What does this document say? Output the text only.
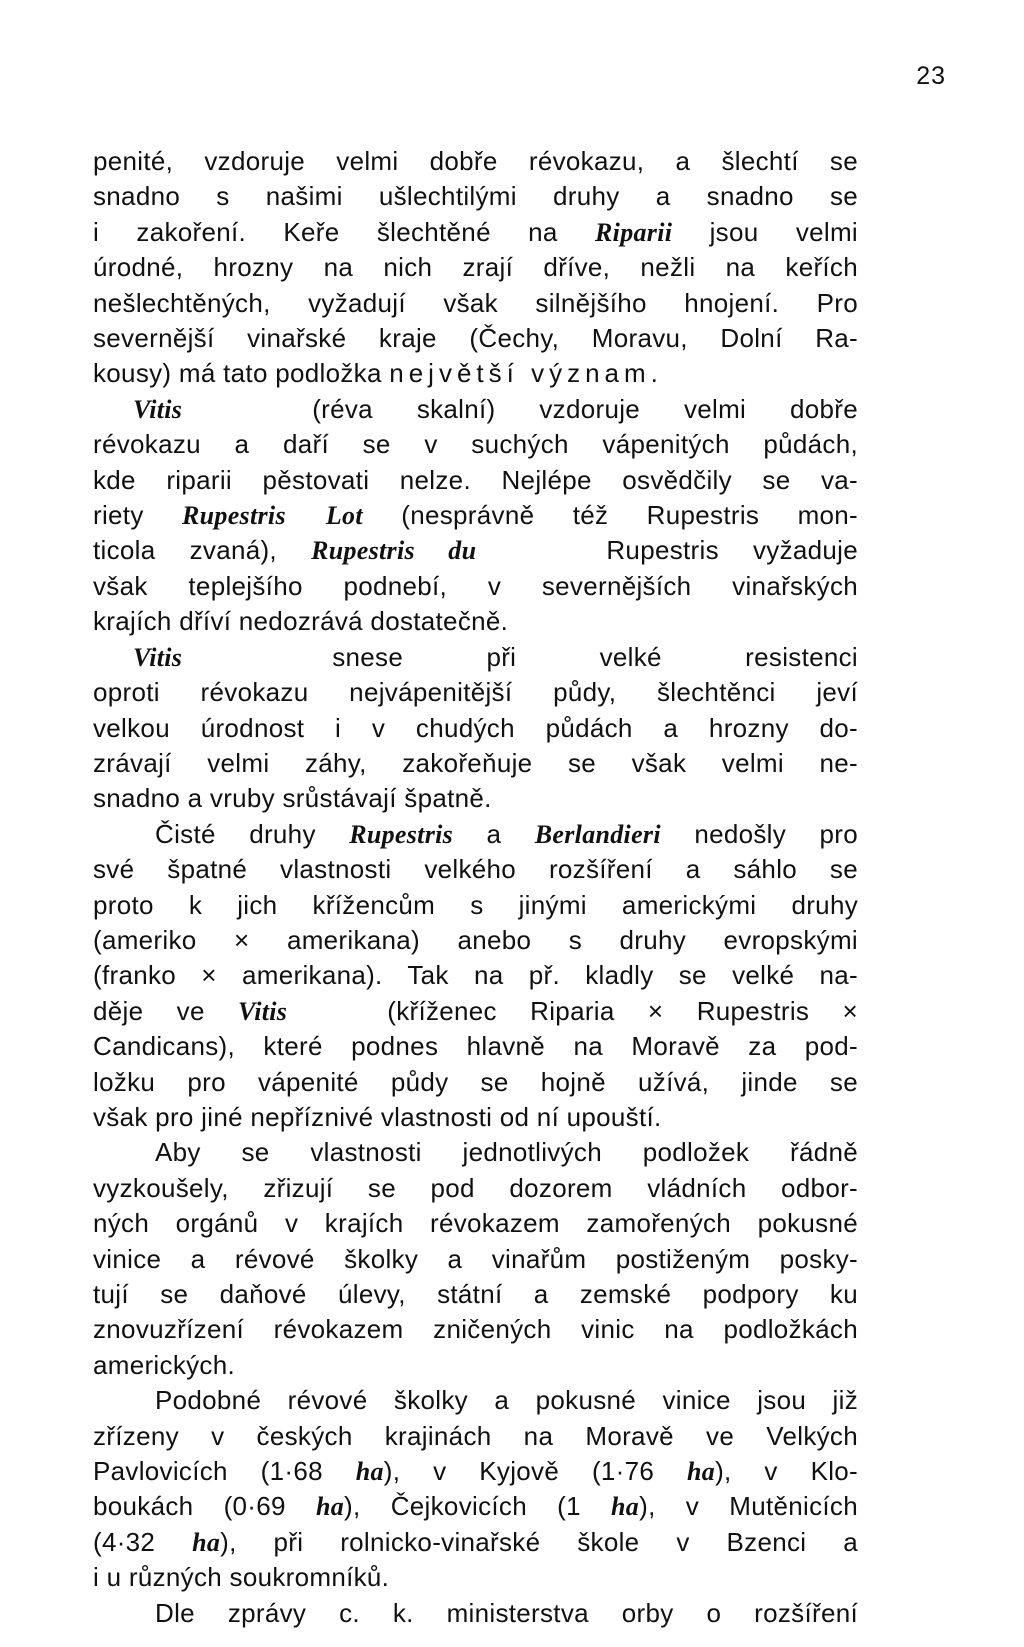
23
penité, vzdoruje velmi dobře révokazu, a šlechtí se
snadno s našimi ušlechtilými druhy a snadno se
i zakoření. Keře šlechtěné na Riparii jsou velmi
úrodné, hrozny na nich zrají dříve, nežli na keřích
nešlechtěných, vyžadují však silnějšího hnojení. Pro
severnější vinařské kraje (Čechy, Moravu, Dolní Ra-
kousy) má tato podložka největší význam.
Vitis	(réva skalní) vzdoruje velmi dobře
révokazu a daří se v suchých vápenitých půdách,
kde riparii pěstovati nelze. Nejlépe osvědčily se va-
riety Rupestris Lot (nesprávně též Rupestris mon-
ticola zvaná), Rupestris du	Rupestris vyžaduje
však teplejšího podnebí, v severnějších vinařských
krajích dříví nedozrává dostatečně.
Vitis	snese při velké resistenci
oproti révokazu nejvápenitější půdy, šlechtěnci jeví
velkou úrodnost i v chudých půdách a hrozny do-
zrávají velmi záhy, zakořeňuje se však velmi ne-
snadno a vruby srůstávají špatně.
Čisté druhy Rupestris a Berlandieri nedošly pro
své špatné vlastnosti velkého rozšíření a sáhlo se
proto k jich křížencům s jinými americkými druhy
(ameriko × amerikana) anebo s druhy evropskými
(franko × amerikana). Tak na př. kladly se velké na-
děje ve Vitis	(kříženec Riparia × Rupestris ×
Candicans), které podnes hlavně na Moravě za pod-
ložku pro vápenité půdy se hojně užívá, jinde se
však pro jiné nepříznivé vlastnosti od ní upouští.
Aby se vlastnosti jednotlivých podložek řádně
vyzkoušely, zřizují se pod dozorem vládních odbor-
ných orgánů v krajích révokazem zamořených pokusné
vinice a révové školky a vinařům postiženým posky-
tují se daňové úlevy, státní a zemské podpory ku
znovuzřízení révokazem zničených vinic na podložkách
amerických.
Podobné révové školky a pokusné vinice jsou již
zřízeny v českých krajinách na Moravě ve Velkých
Pavlovicích (1·68 ha), v Kyjově (1·76 ha), v Klo-
boukách (0·69 ha), Čejkovicích (1 ha), v Mutěnicích
(4·32 ha), při rolnicko-vinařské škole v Bzenci a
i u různých soukromníků.
Dle zprávy c. k. ministerstva orby o rozšíření
